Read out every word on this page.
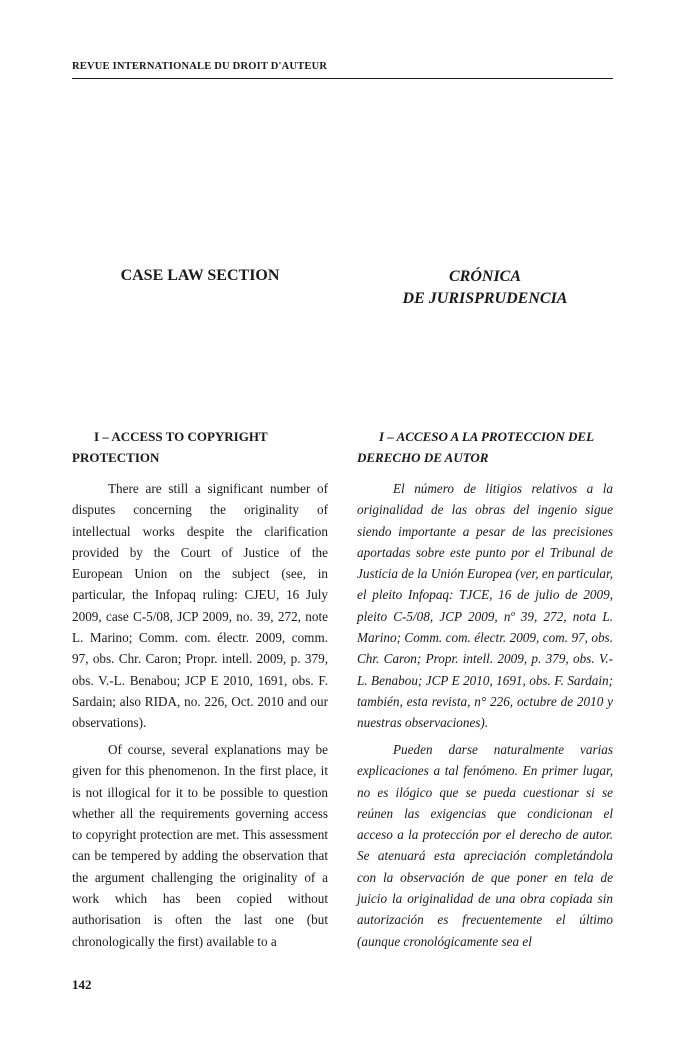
REVUE INTERNATIONALE DU DROIT D'AUTEUR
CASE LAW SECTION	CRÓNICA
DE JURISPRUDENCIA
I – ACCESS TO COPYRIGHT PROTECTION
I – ACCESO A LA PROTECCION DEL DERECHO DE AUTOR

There are still a significant number of disputes concerning the originality of intellectual works despite the clarification provided by the Court of Justice of the European Union on the subject (see, in particular, the Infopaq ruling: CJEU, 16 July 2009, case C-5/08, JCP 2009, no. 39, 272, note L. Marino; Comm. com. électr. 2009, comm. 97, obs. Chr. Caron; Propr. intell. 2009, p. 379, obs. V.-L. Benabou; JCP E 2010, 1691, obs. F. Sardain; also RIDA, no. 226, Oct. 2010 and our observations).

El número de litigios relativos a la originalidad de las obras del ingenio sigue siendo importante a pesar de las precisiones aportadas sobre este punto por el Tribunal de Justicia de la Unión Europea (ver, en particular, el pleito Infopaq: TJCE, 16 de julio de 2009, pleito C-5/08, JCP 2009, nº 39, 272, nota L. Marino; Comm. com. électr. 2009, com. 97, obs. Chr. Caron; Propr. intell. 2009, p. 379, obs. V.-L. Benabou; JCP E 2010, 1691, obs. F. Sardain; también, esta revista, n° 226, octubre de 2010 y nuestras observaciones).

Of course, several explanations may be given for this phenomenon. In the first place, it is not illogical for it to be possible to question whether all the requirements governing access to copyright protection are met. This assessment can be tempered by adding the observation that the argument challenging the originality of a work which has been copied without authorisation is often the last one (but chronologically the first) available to a

Pueden darse naturalmente varias explicaciones a tal fenómeno. En primer lugar, no es ilógico que se pueda cuestionar si se reúnen las exigencias que condicionan el acceso a la protección por el derecho de autor. Se atenuará esta apreciación completándola con la observación de que poner en tela de juicio la originalidad de una obra copiada sin autorización es frecuentemente el último (aunque cronológicamente sea el

142
